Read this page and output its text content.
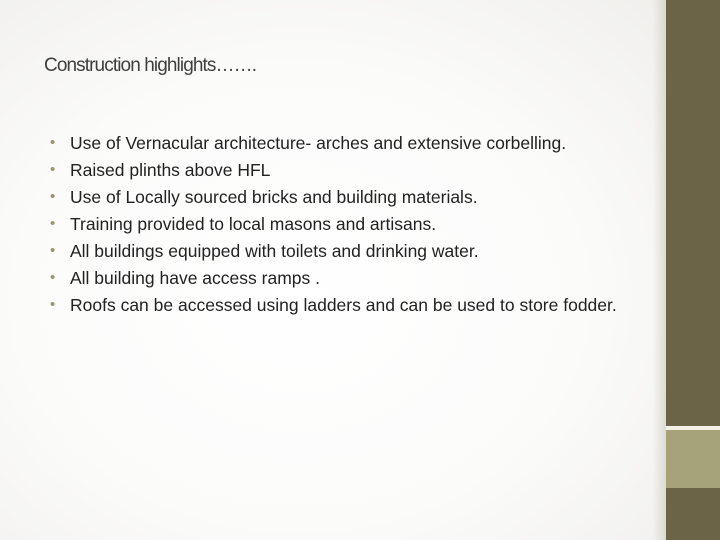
Construction highlights…….
• Use of Vernacular architecture- arches and extensive corbelling.
• Raised plinths above HFL
• Use of Locally sourced bricks and building materials.
• Training provided to local masons and artisans.
• All buildings equipped with toilets and drinking water.
• All building have access ramps .
• Roofs can be accessed using ladders and can be used to store fodder.
